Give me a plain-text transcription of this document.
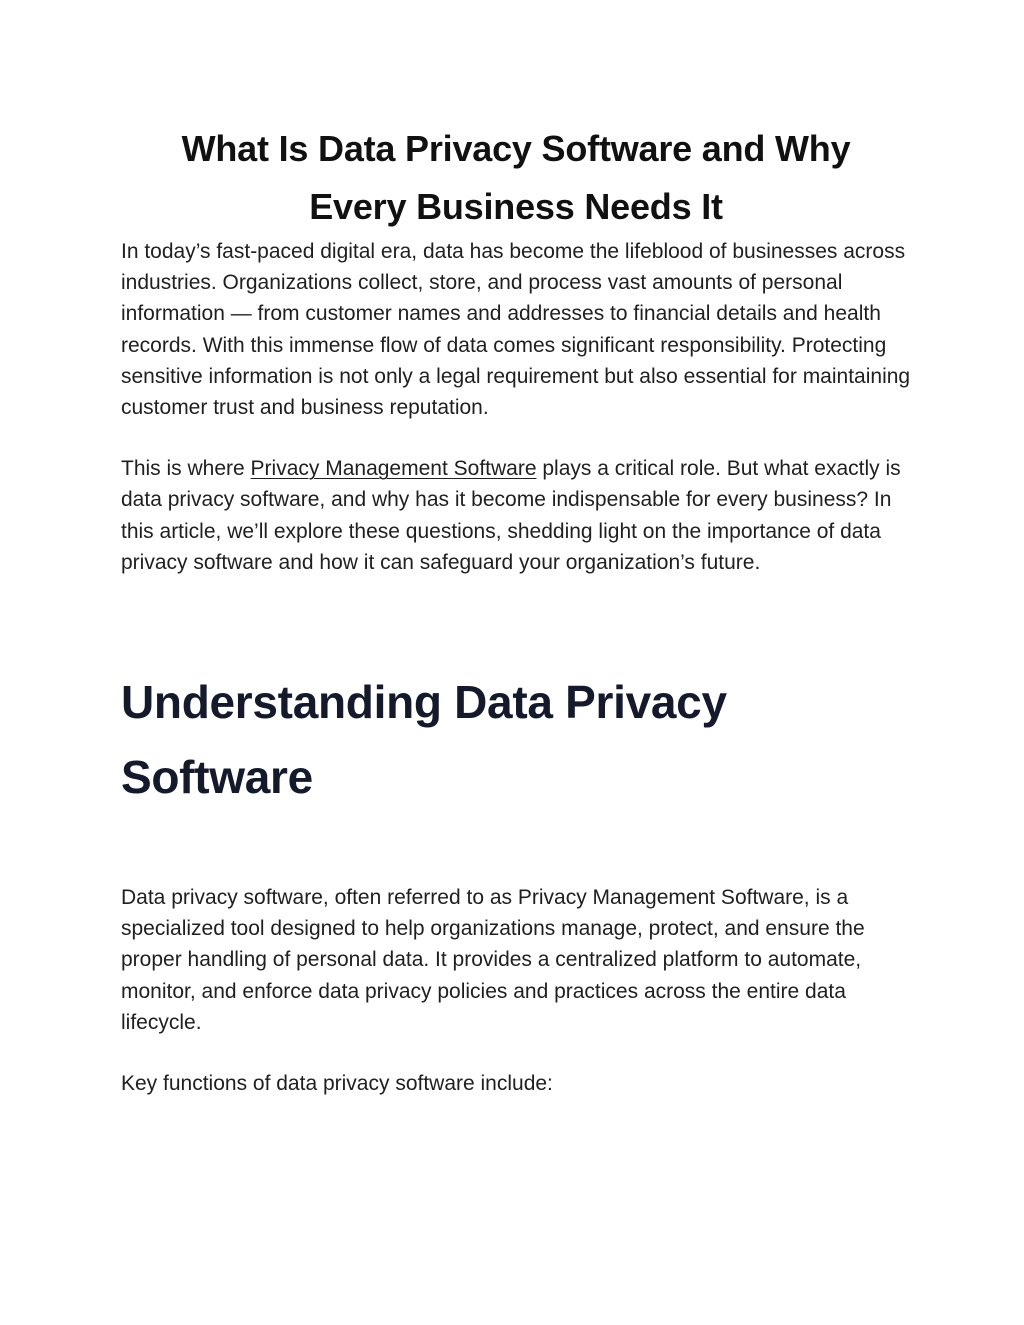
What Is Data Privacy Software and Why
Every Business Needs It

In today’s fast-paced digital era, data has become the lifeblood of businesses across industries. Organizations collect, store, and process vast amounts of personal information — from customer names and addresses to financial details and health records. With this immense flow of data comes significant responsibility. Protecting sensitive information is not only a legal requirement but also essential for maintaining customer trust and business reputation.

This is where Privacy Management Software plays a critical role. But what exactly is data privacy software, and why has it become indispensable for every business? In this article, we’ll explore these questions, shedding light on the importance of data privacy software and how it can safeguard your organization’s future.

Understanding Data Privacy
Software

Data privacy software, often referred to as Privacy Management Software, is a specialized tool designed to help organizations manage, protect, and ensure the proper handling of personal data. It provides a centralized platform to automate, monitor, and enforce data privacy policies and practices across the entire data lifecycle.

Key functions of data privacy software include:
